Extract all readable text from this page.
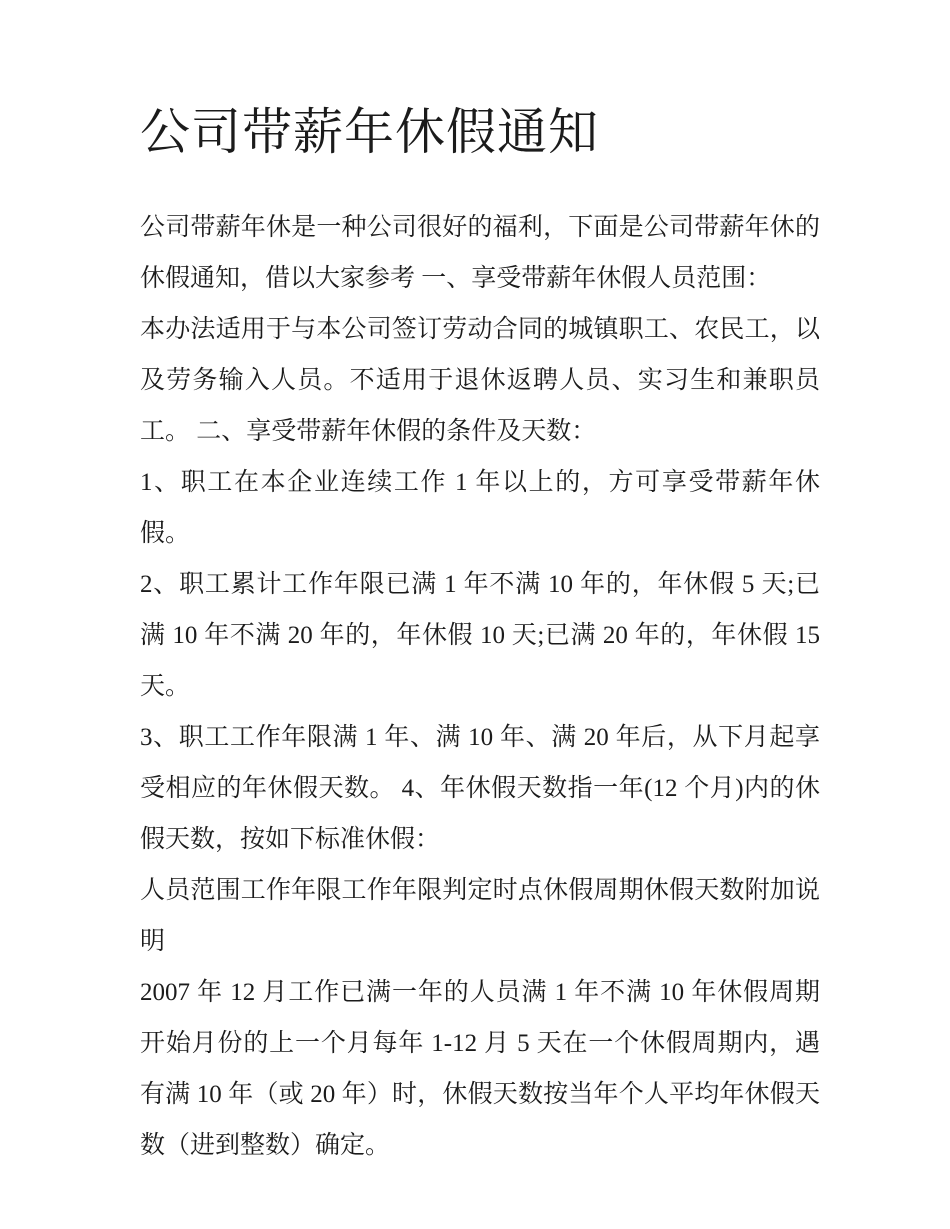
公司带薪年休假通知

公司带薪年休是一种公司很好的福利，下面是公司带薪年休的休假通知，借以大家参考 一、享受带薪年休假人员范围：

本办法适用于与本公司签订劳动合同的城镇职工、农民工，以及劳务输入人员。不适用于退休返聘人员、实习生和兼职员工。 二、享受带薪年休假的条件及天数：

1、职工在本企业连续工作 1 年以上的，方可享受带薪年休假。

2、职工累计工作年限已满 1 年不满 10 年的，年休假 5 天;已满 10 年不满 20 年的，年休假 10 天;已满 20 年的，年休假 15 天。

3、职工工作年限满 1 年、满 10 年、满 20 年后，从下月起享受相应的年休假天数。 4、年休假天数指一年(12 个月)内的休假天数，按如下标准休假：

人员范围工作年限工作年限判定时点休假周期休假天数附加说明

2007 年 12 月工作已满一年的人员满 1 年不满 10 年休假周期开始月份的上一个月每年 1-12 月 5 天在一个休假周期内，遇有满 10 年（或 20 年）时，休假天数按当年个人平均年休假天数（进到整数）确定。
